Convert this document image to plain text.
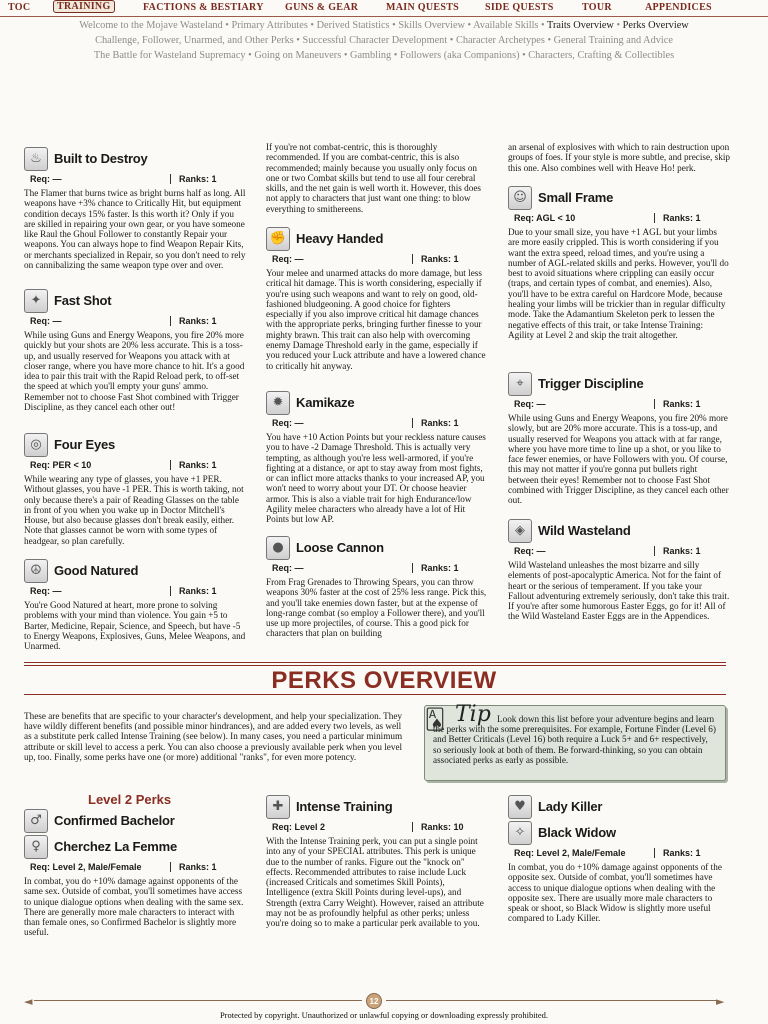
TOC	TRAINING	FACTIONS & BESTIARY GUNS & GEAR	MAIN QUESTS	SIDE QUESTS	TOUR	APPENDICES
Welcome to the Mojave Wasteland • Primary Attributes • Derived Statistics • Skills Overview • Available Skills • Traits Overview • Perks Overview
Challenge, Follower, Unarmed, and Other Perks • Successful Character Development • Character Archetypes • General Training and Advice
The Battle for Wasteland Supremacy • Going on Maneuvers • Gambling • Followers (aka Companions) • Characters, Crafting & Collectibles
♨ Built to Destroy
Req: —	Ranks: 1
The Flamer that burns twice as bright burns half as long. All weapons have +3% chance to Critically Hit, but equipment condition decays 15% faster. Is this worth it? Only if you are skilled in repairing your own gear, or you have someone like Raul the Ghoul Follower to constantly Repair your weapons. You can always hope to find Weapon Repair Kits, or merchants specialized in Repair, so you don't need to rely on cannibalizing the same weapon type over and over.
✦ Fast Shot
Req: —	Ranks: 1
While using Guns and Energy Weapons, you fire 20% more quickly but your shots are 20% less accurate. This is a toss-up, and usually reserved for Weapons you attack with at closer range, where you have more chance to hit. It's a good idea to pair this trait with the Rapid Reload perk, to off-set the speed at which you'll empty your guns' ammo. Remember not to choose Fast Shot combined with Trigger Discipline, as they cancel each other out!
◎ Four Eyes
Req: PER < 10	Ranks: 1
While wearing any type of glasses, you have +1 PER. Without glasses, you have -1 PER. This is worth taking, not only because there's a pair of Reading Glasses on the table in front of you when you wake up in Doctor Mitchell's House, but also because glasses don't break easily, either. Note that glasses cannot be worn with some types of headgear, so plan carefully.
☮ Good Natured
Req: —	Ranks: 1
You're Good Natured at heart, more prone to solving problems with your mind than violence. You gain +5 to Barter, Medicine, Repair, Science, and Speech, but have -5 to Energy Weapons, Explosives, Guns, Melee Weapons, and Unarmed.
If you're not combat-centric, this is thoroughly recommended. If you are combat-centric, this is also recommended; mainly because you usually only focus on one or two Combat skills but tend to use all four cerebral skills, and the net gain is well worth it. However, this does not apply to characters that just want one thing: to blow everything to smithereens.
✊ Heavy Handed
Req: —	Ranks: 1
Your melee and unarmed attacks do more damage, but less critical hit damage. This is worth considering, especially if you're using such weapons and want to rely on good, old-fashioned bludgeoning. A good choice for fighters especially if you also improve critical hit damage chances with the appropriate perks, bringing further finesse to your mighty brawn. This trait can also help with overcoming enemy Damage Threshold early in the game, especially if you reduced your Luck attribute and have a lowered chance to critically hit anyway.
✹ Kamikaze
Req: —	Ranks: 1
You have +10 Action Points but your reckless nature causes you to have -2 Damage Threshold. This is actually very tempting, as although you're less well-armored, if you're fighting at a distance, or apt to stay away from most fights, or can inflict more attacks thanks to your increased AP, you won't need to worry about your DT. Or choose heavier armor. This is also a viable trait for high Endurance/low Agility melee characters who already have a lot of Hit Points but low AP.
● Loose Cannon
Req: —	Ranks: 1
From Frag Grenades to Throwing Spears, you can throw weapons 30% faster at the cost of 25% less range. Pick this, and you'll take enemies down faster, but at the expense of long-range combat (so employ a Follower there), and you'll use up more projectiles, of course. This a good pick for characters that plan on building
an arsenal of explosives with which to rain destruction upon groups of foes. If your style is more subtle, and precise, skip this one. Also combines well with Heave Ho! perk.
☺ Small Frame
Req: AGL < 10	Ranks: 1
Due to your small size, you have +1 AGL but your limbs are more easily crippled. This is worth considering if you want the extra speed, reload times, and you're using a number of AGL-related skills and perks. However, you'll do best to avoid situations where crippling can easily occur (traps, and certain types of combat, and enemies). Also, you'll have to be extra careful on Hardcore Mode, because healing your limbs will be trickier than in regular difficulty mode. Take the Adamantium Skeleton perk to lessen the negative effects of this trait, or take Intense Training: Agility at Level 2 and skip the trait altogether.
⌖	Trigger Discipline
Req: —	Ranks: 1
While using Guns and Energy Weapons, you fire 20% more slowly, but are 20% more accurate. This is a toss-up, and usually reserved for Weapons you attack with at far range, where you have more time to line up a shot, or you like to face fewer enemies, or have Followers with you. Of course, this may not matter if you're gonna put bullets right between their eyes! Remember not to choose Fast Shot combined with Trigger Discipline, as they cancel each other out.
◈	Wild Wasteland
Req: —	Ranks: 1
Wild Wasteland unleashes the most bizarre and silly elements of post-apocalyptic America. Not for the faint of heart or the serious of temperament. If you take your Fallout adventuring extremely seriously, don't take this trait. If you're after some humorous Easter Eggs, go for it! All of the Wild Wasteland Easter Eggs are in the Appendices.
PERKS OVERVIEW
These are benefits that are specific to your character's development, and help your specialization. They have wildly different benefits (and possible minor hindrances), and are added every two levels, as well as a substitute perk called Intense Training (see below). In many cases, you need a particular minimum attribute or skill level to access a perk. You can also choose a previously available perk when you level up, too. Finally, some perks have one (or more) additional "ranks", for even more potency.
🂡 Tip Look down this list before your adventure begins and learn the perks with the some prerequisites. For example, Fortune Finder (Level 6) and Better Criticals (Level 16) both require a Luck 5+ and 6+ respectively, so seriously look at both of them. Be forward-thinking, so you can obtain associated perks as early as possible.
Level 2 Perks
♂ Confirmed Bachelor
♀	Cherchez La Femme
Req: Level 2, Male/Female	Ranks: 1
In combat, you do +10% damage against opponents of the same sex. Outside of combat, you'll sometimes have access to unique dialogue options when dealing with the same sex. There are generally more male characters to interact with than female ones, so Confirmed Bachelor is slightly more useful.
✚ Intense Training
Req: Level 2	Ranks: 10
With the Intense Training perk, you can put a single point into any of your SPECIAL attributes. This perk is unique due to the number of ranks. Figure out the "knock on" effects. Recommended attributes to raise include Luck (increased Criticals and sometimes Skill Points), Intelligence (extra Skill Points during level-ups), and Strength (extra Carry Weight). However, raised an attribute may not be as profoundly helpful as other perks; unless you're doing so to make a particular perk available to you.
♥ Lady Killer
✧ Black Widow
Req: Level 2, Male/Female	Ranks: 1
In combat, you do +10% damage against opponents of the opposite sex. Outside of combat, you'll sometimes have access to unique dialogue options when dealing with the opposite sex. There are usually more male characters to speak or shoot, so Black Widow is slightly more useful compared to Lady Killer.
◄	12	►
Protected by copyright. Unauthorized or unlawful copying or downloading expressly prohibited.
